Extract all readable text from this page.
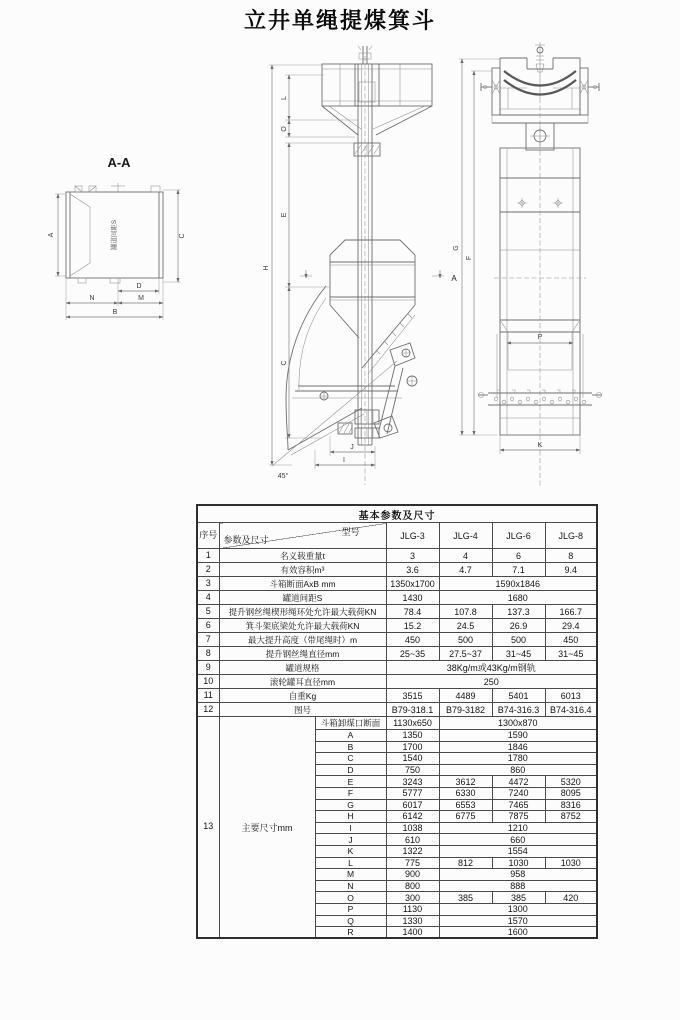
立井单绳提煤箕斗
A-A
罐道间距S
A	C
D
N	M
B
45°
J
I
H
L
O
E
C
A
P
K
G
F
基本参数及尺寸						
序号	型号
参数及尺寸		JLG-3	JLG-4	JLG-6	JLG-8
1	名义载重量t		3	4	6	8
2	有效容积m³		3.6	4.7	7.1	9.4
3	斗箱断面AxB mm		1350x1700	1590x1846		
4	罐道间距S		1430	1680		
5	提升钢丝绳楔形绳环处允许最大载荷KN		78.4	107.8	137.3	166.7
6	箕斗架底梁处允许最大载荷KN		15.2	24.5	26.9	29.4
7	最大提升高度（带尾绳时）m		450	500	500	450
8	提升钢丝绳直径mm		25~35	27.5~37	31~45	31~45
9	罐道规格		38Kg/m或43Kg/m钢轨			
10	滚轮罐耳直径mm		250			
11	自重Kg		3515	4489	5401	6013
12	图号		B79-318.1	B79-3182	B74-316.3	B74-316.4
13	主要尺寸mm	斗箱卸煤口断面	1130x650	1300x870		
		A	1350	1590		
		B	1700	1846		
		C	1540	1780		
		D	750	860		
		E	3243	3612	4472	5320
		F	5777	6330	7240	8095
		G	6017	6553	7465	8316
		H	6142	6775	7875	8752
		I	1038	1210		
		J	610	660		
		K	1322	1554		
		L	775	812	1030	1030
		M	900	958		
		N	800	888		
		O	300	385	385	420
		P	1130	1300		
		Q	1330	1570		
		R	1400	1600		
